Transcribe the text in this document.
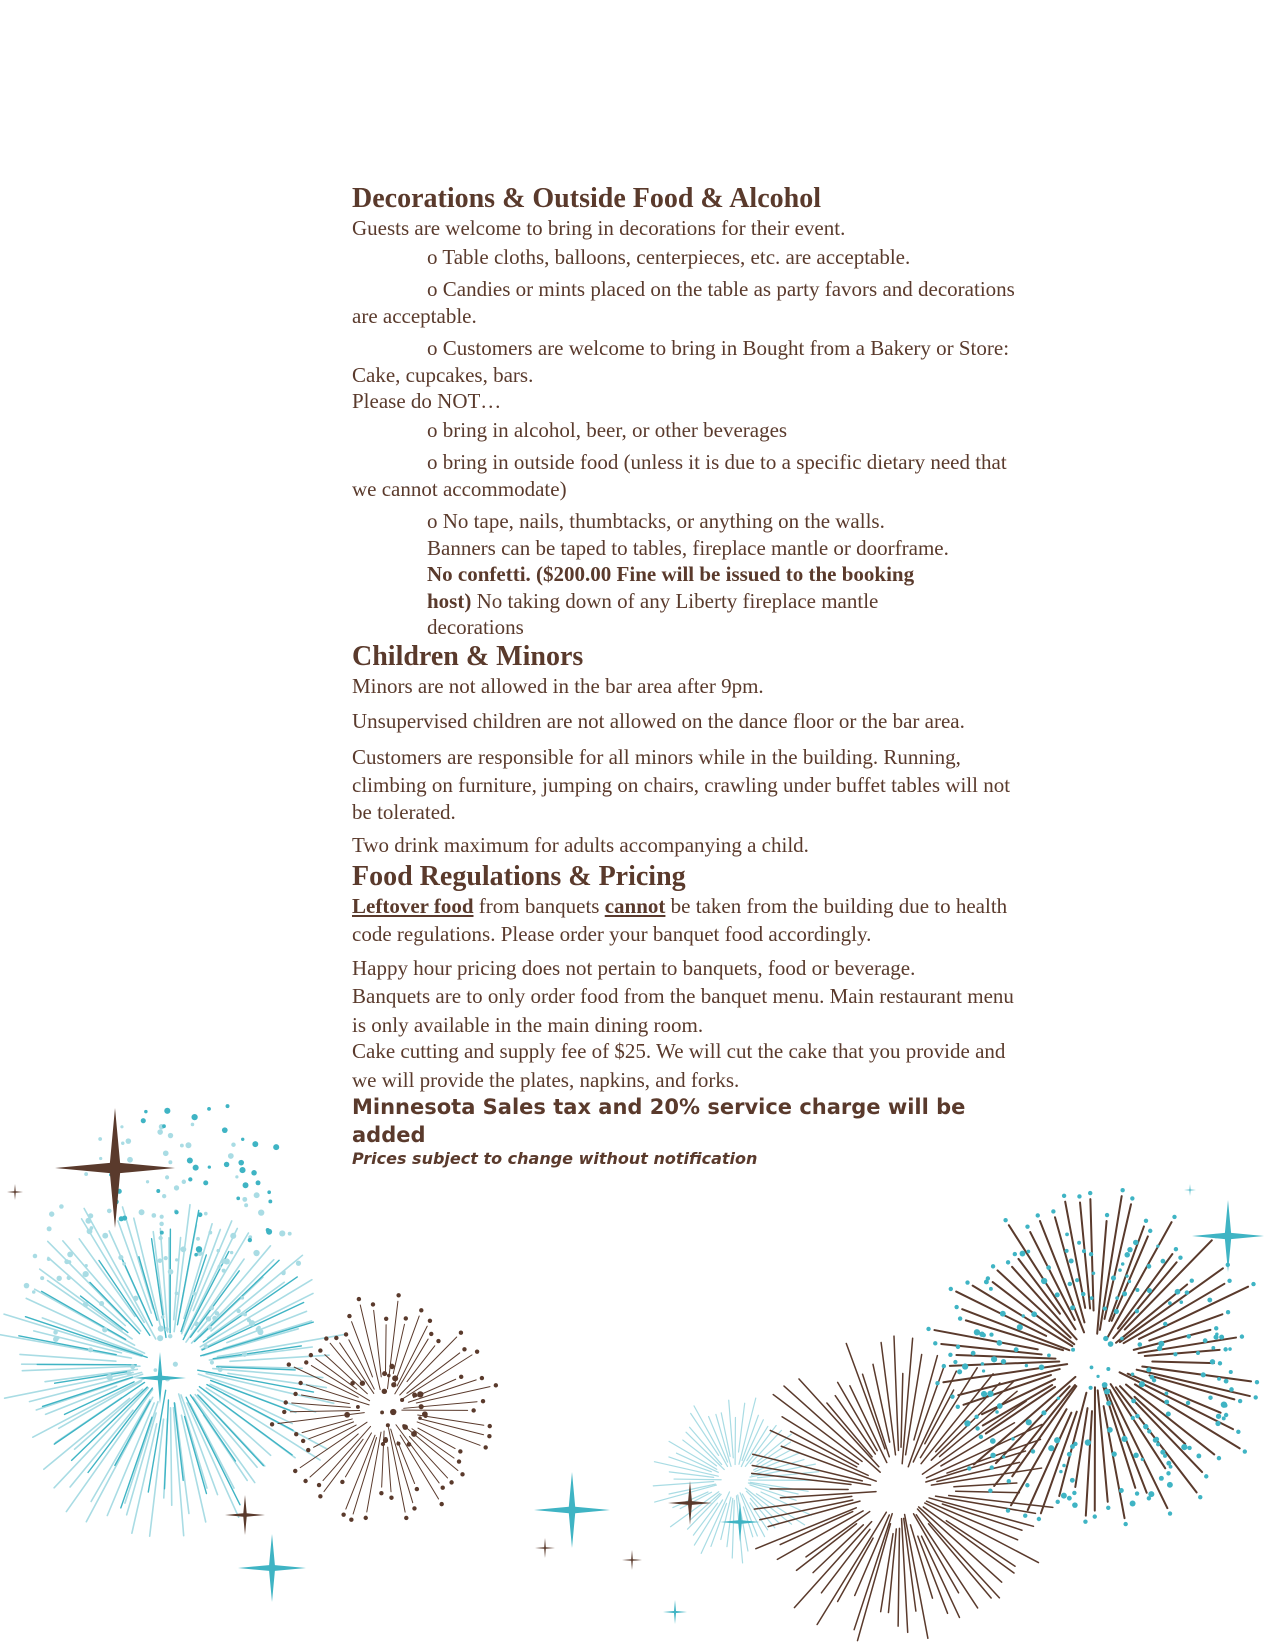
Decorations & Outside Food & Alcohol

Guests are welcome to bring in decorations for their event.

o Table cloths, balloons, centerpieces, etc. are acceptable.

o Candies or mints placed on the table as party favors and decorations are acceptable.

o Customers are welcome to bring in Bought from a Bakery or Store: Cake, cupcakes, bars.

Please do NOT…

o bring in alcohol, beer, or other beverages

o bring in outside food (unless it is due to a specific dietary need that we cannot accommodate)

o No tape, nails, thumbtacks, or anything on the walls. Banners can be taped to tables, fireplace mantle or doorframe. No confetti. ($200.00 Fine will be issued to the booking host) No taking down of any Liberty fireplace mantle decorations

Children & Minors

Minors are not allowed in the bar area after 9pm.

Unsupervised children are not allowed on the dance floor or the bar area.

Customers are responsible for all minors while in the building. Running, climbing on furniture, jumping on chairs, crawling under buffet tables will not be tolerated.

Two drink maximum for adults accompanying a child.

Food Regulations & Pricing

Leftover food from banquets cannot be taken from the building due to health code regulations. Please order your banquet food accordingly.

Happy hour pricing does not pertain to banquets, food or beverage.

Banquets are to only order food from the banquet menu. Main restaurant menu is only available in the main dining room.

Cake cutting and supply fee of $25. We will cut the cake that you provide and we will provide the plates, napkins, and forks.

Minnesota Sales tax and 20% service charge will be added
Prices subject to change without notification
